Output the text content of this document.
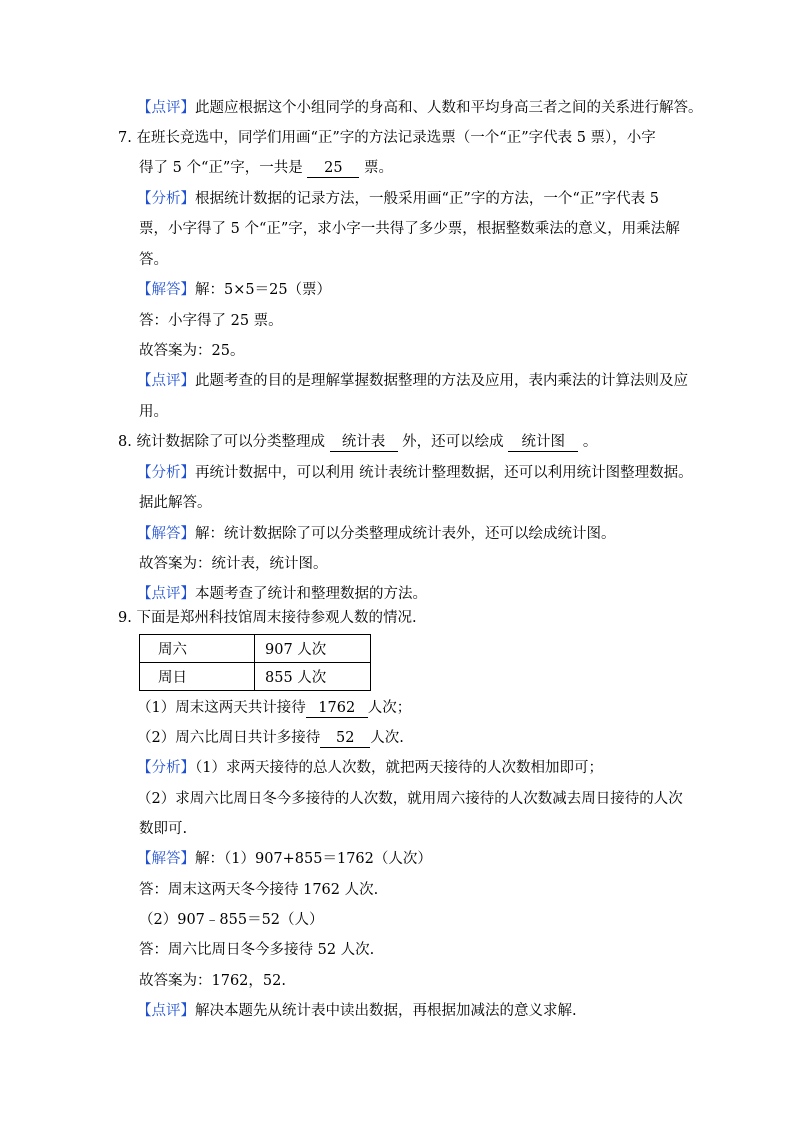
【点评】此题应根据这个小组同学的身高和、人数和平均身高三者之间的关系进行解答。
7. 在班长竞选中，同学们用画“正”字的方法记录选票（一个“正”字代表 5 票），小字
得了 5 个“正”字，一共是 25 票。
【分析】根据统计数据的记录方法，一般采用画“正”字的方法，一个“正”字代表 5
票，小字得了 5 个“正”字，求小字一共得了多少票，根据整数乘法的意义，用乘法解
答。
【解答】解：5×5＝25（票）
答：小字得了 25 票。
故答案为：25。
【点评】此题考查的目的是理解掌握数据整理的方法及应用，表内乘法的计算法则及应
用。
8. 统计数据除了可以分类整理成 统计表 外，还可以绘成 统计图 。
【分析】再统计数据中，可以利用 统计表统计整理数据，还可以利用统计图整理数据。
据此解答。
【解答】解：统计数据除了可以分类整理成统计表外，还可以绘成统计图。
故答案为：统计表，统计图。
【点评】本题考查了统计和整理数据的方法。
9. 下面是郑州科技馆周末接待参观人数的情况.
周六	907 人次
周日	855 人次
（1）周末这两天共计接待 1762 人次；
（2）周六比周日共计多接待 52 人次.
【分析】（1）求两天接待的总人次数，就把两天接待的人次数相加即可；
（2）求周六比周日冬今多接待的人次数，就用周六接待的人次数减去周日接待的人次
数即可.
【解答】解：（1）907+855＝1762（人次）
答：周末这两天冬今接待 1762 人次.
（2）907﹣855＝52（人）
答：周六比周日冬今多接待 52 人次.
故答案为：1762，52.
【点评】解决本题先从统计表中读出数据，再根据加减法的意义求解.
